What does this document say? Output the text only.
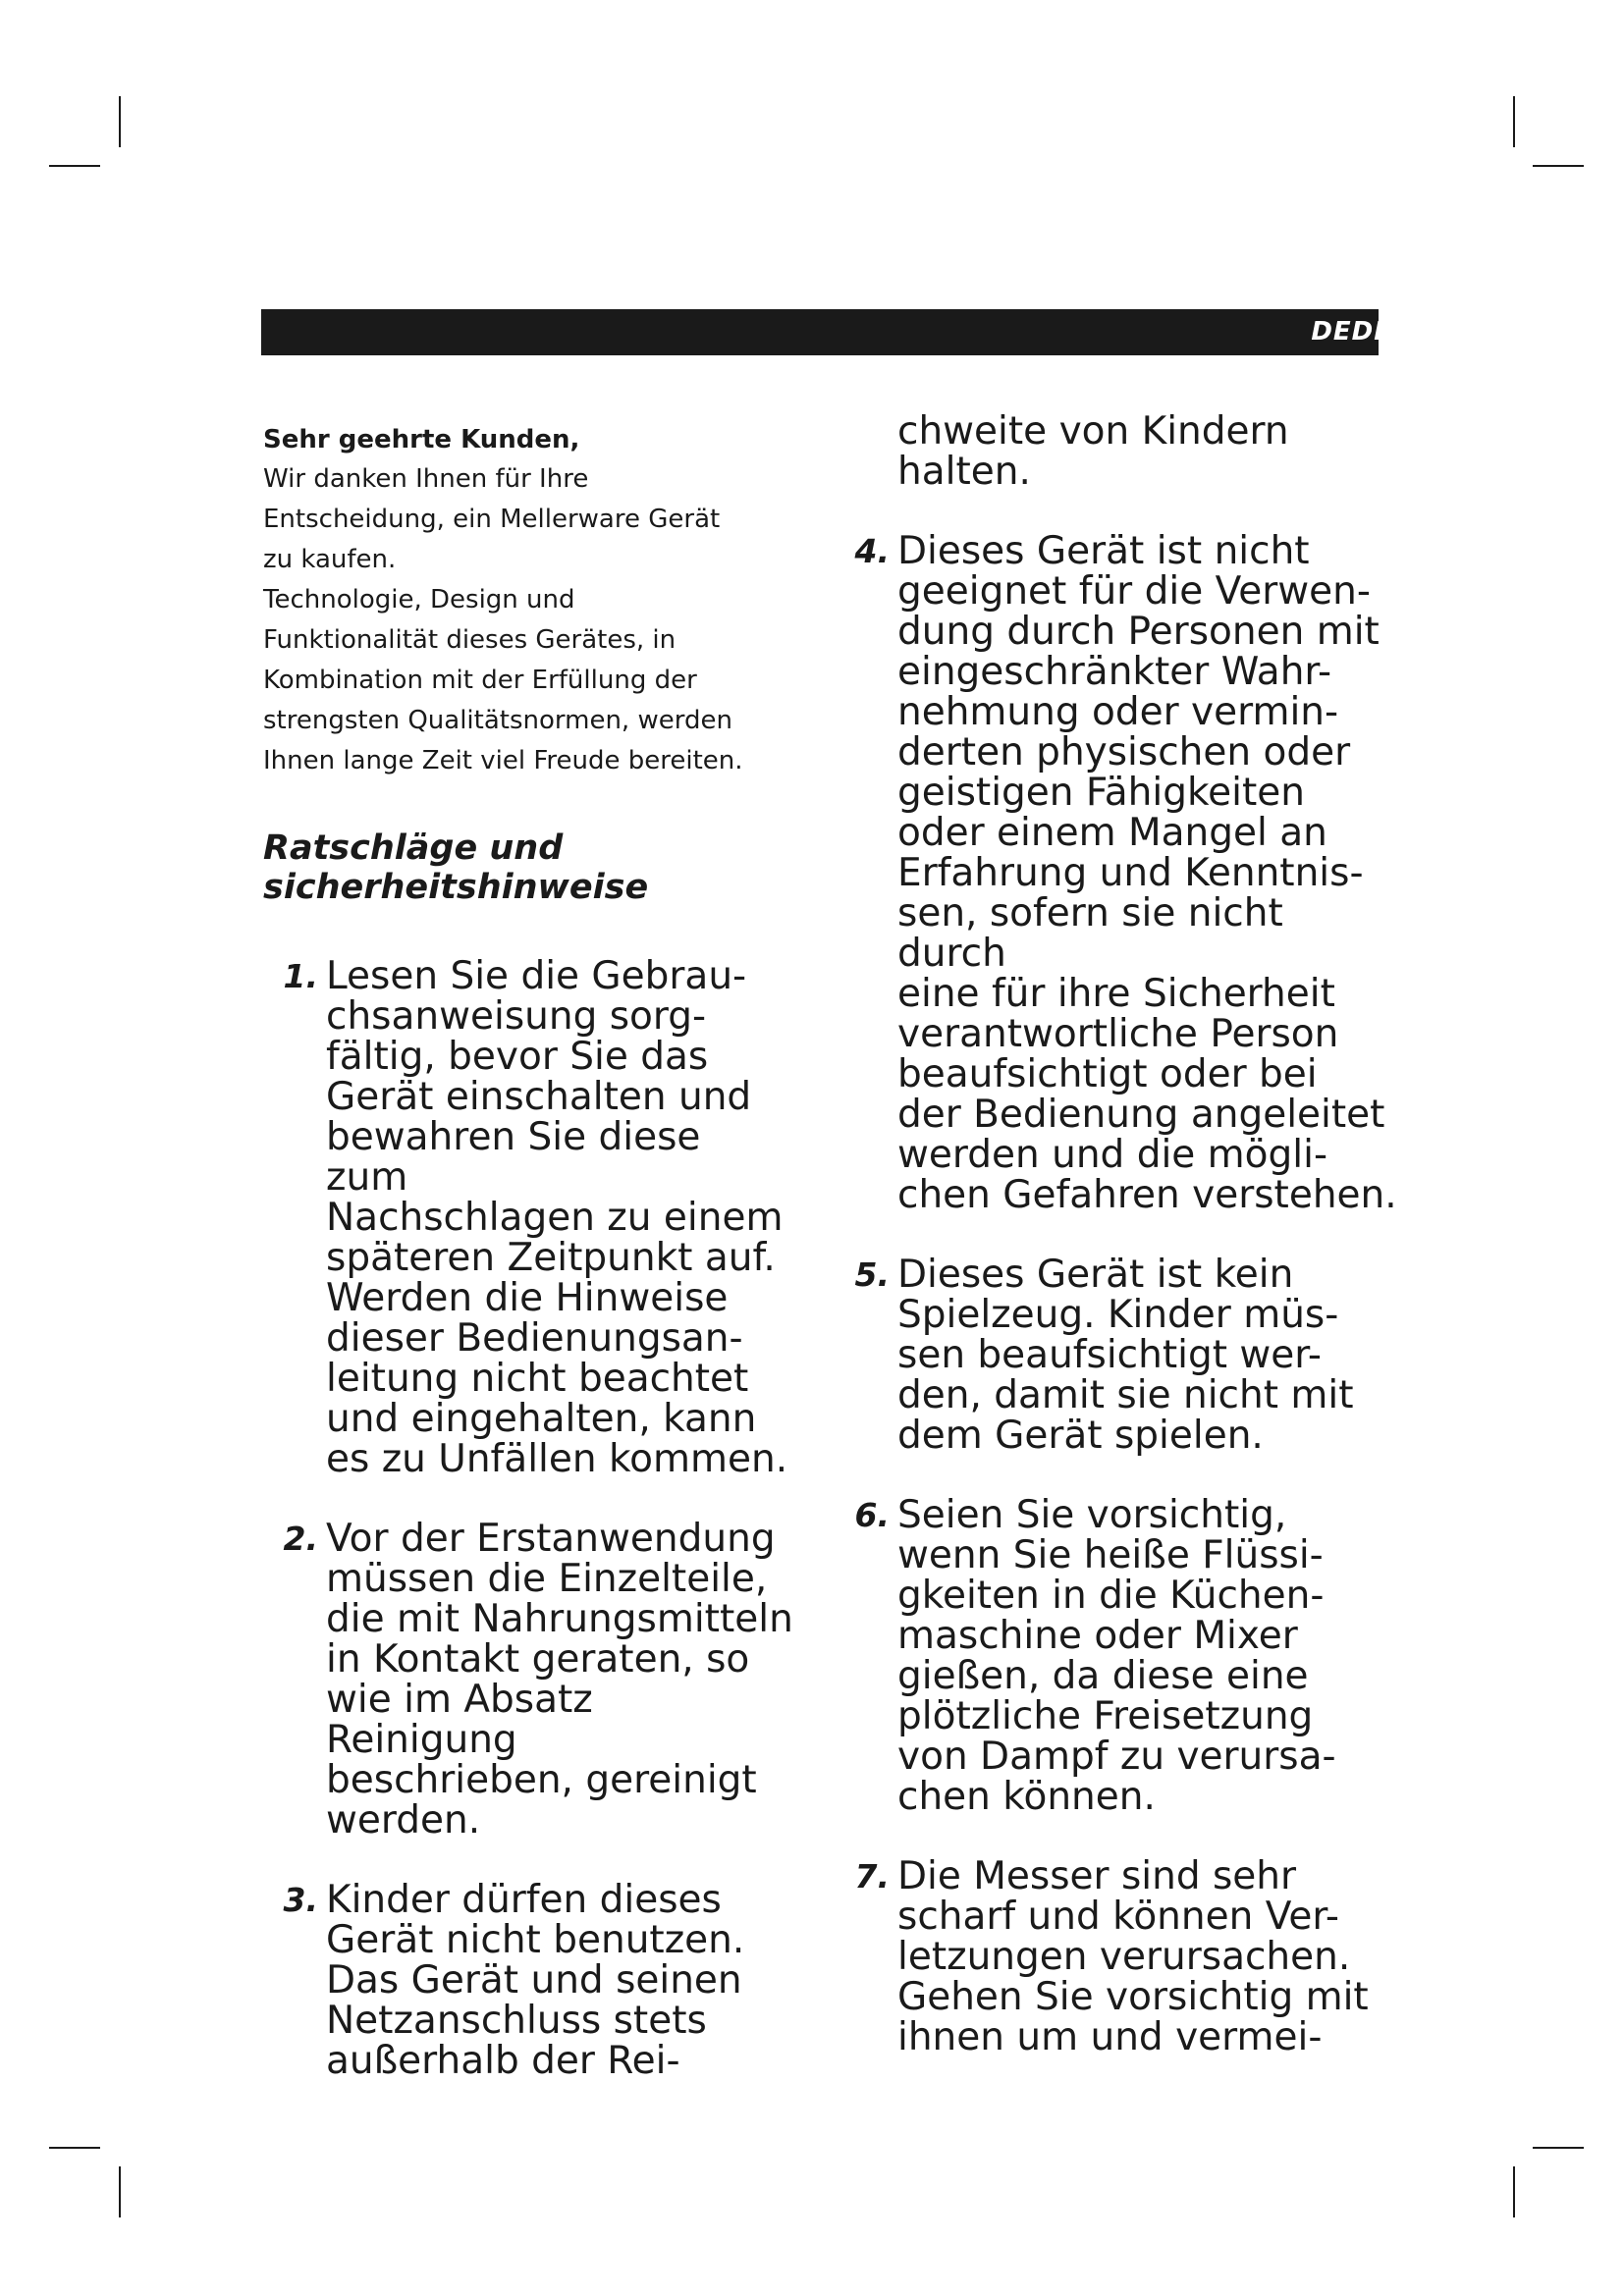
DEDE
Sehr geehrte Kunden,
Wir danken Ihnen für Ihre
Entscheidung, ein Mellerware Gerät
zu kaufen.
Technologie, Design und
Funktionalität dieses Gerätes, in
Kombination mit der Erfüllung der
strengsten Qualitätsnormen, werden
Ihnen lange Zeit viel Freude bereiten.
Ratschläge und
sicherheitshinweise
1. Lesen Sie die Gebrau-
chsanweisung sorg-
fältig, bevor Sie das
Gerät einschalten und
bewahren Sie diese zum
Nachschlagen zu einem
späteren Zeitpunkt auf.
Werden die Hinweise
dieser Bedienungsan-
leitung nicht beachtet
und eingehalten, kann
es zu Unfällen kommen.
2. Vor der Erstanwendung
müssen die Einzelteile,
die mit Nahrungsmitteln
in Kontakt geraten, so
wie im Absatz Reinigung
beschrieben, gereinigt
werden.
3. Kinder dürfen dieses
Gerät nicht benutzen.
Das Gerät und seinen
Netzanschluss stets
außerhalb der Rei-
chweite von Kindern
halten.
4. Dieses Gerät ist nicht
geeignet für die Verwen-
dung durch Personen mit
eingeschränkter Wahr-
nehmung oder vermin-
derten physischen oder
geistigen Fähigkeiten
oder einem Mangel an
Erfahrung und Kenntnis-
sen, sofern sie nicht durch
eine für ihre Sicherheit
verantwortliche Person
beaufsichtigt oder bei
der Bedienung angeleitet
werden und die mögli-
chen Gefahren verstehen.
5. Dieses Gerät ist kein
Spielzeug. Kinder müs-
sen beaufsichtigt wer-
den, damit sie nicht mit
dem Gerät spielen.
6. Seien Sie vorsichtig,
wenn Sie heiße Flüssi-
gkeiten in die Küchen-
maschine oder Mixer
gießen, da diese eine
plötzliche Freisetzung
von Dampf zu verursa-
chen können.
7. Die Messer sind sehr
scharf und können Ver-
letzungen verursachen.
Gehen Sie vorsichtig mit
ihnen um und vermei-
